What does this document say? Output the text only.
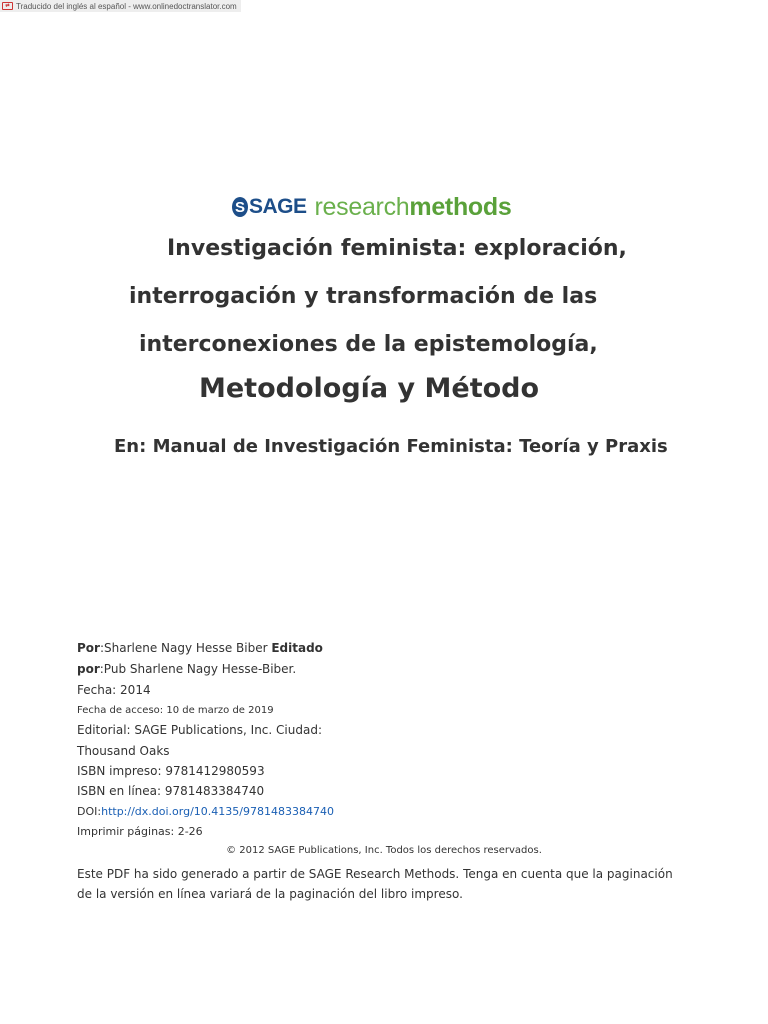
⇄ Traducido del inglés al español - www.onlinedoctranslator.com
S SAGE research methods
Investigación feminista: exploración,
interrogación y transformación de las
interconexiones de la epistemología,
Metodología y Método
En: Manual de Investigación Feminista: Teoría y Praxis
Por:Sharlene Nagy Hesse Biber Editado
por:Pub Sharlene Nagy Hesse-Biber.
Fecha: 2014
Fecha de acceso: 10 de marzo de 2019
Editorial: SAGE Publications, Inc. Ciudad:
Thousand Oaks
ISBN impreso: 9781412980593
ISBN en línea: 9781483384740
DOI:http://dx.doi.org/10.4135/9781483384740
Imprimir páginas: 2-26
© 2012 SAGE Publications, Inc. Todos los derechos reservados.
Este PDF ha sido generado a partir de SAGE Research Methods. Tenga en cuenta que la paginación de la versión en línea variará de la paginación del libro impreso.
